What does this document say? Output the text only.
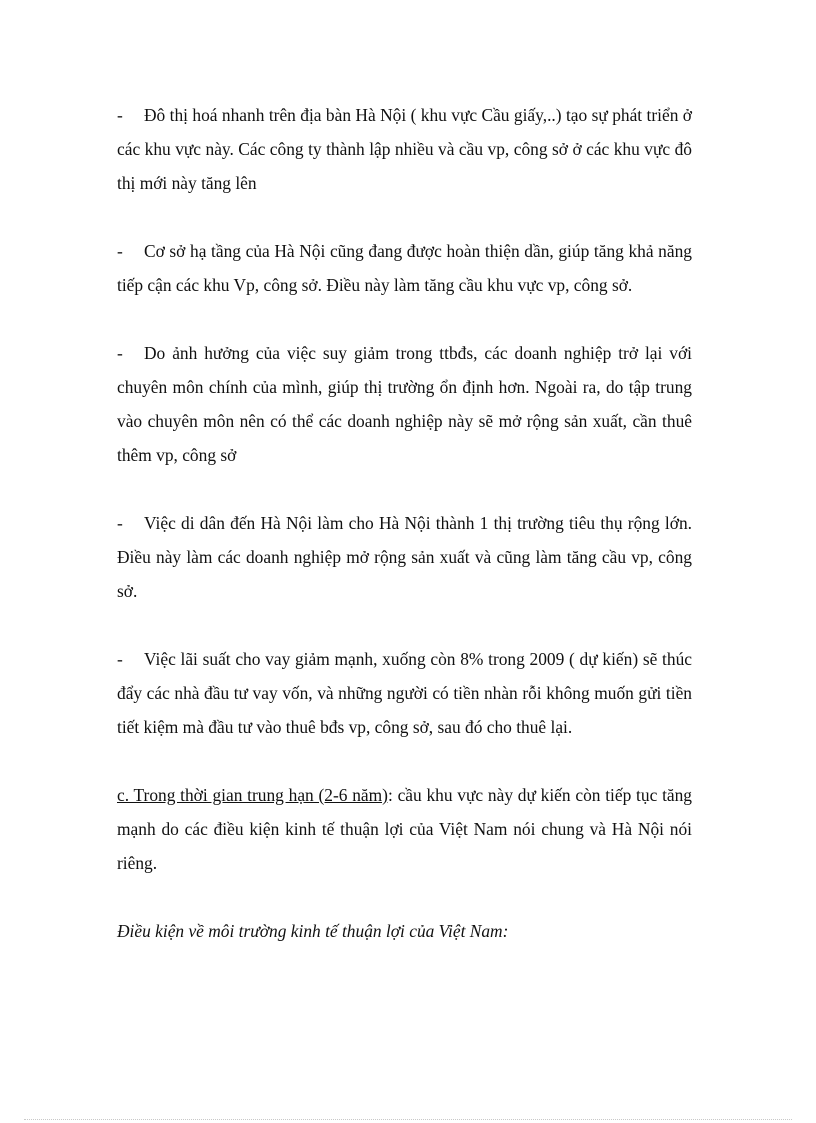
- Đô thị hoá nhanh trên địa bàn Hà Nội ( khu vực Cầu giấy,..) tạo sự phát triển ở các khu vực này. Các công ty thành lập nhiều và cầu vp, công sở ở các khu vực đô thị mới này tăng lên

- Cơ sở hạ tầng của Hà Nội cũng đang được hoàn thiện dần, giúp tăng khả năng tiếp cận các khu Vp, công sở. Điều này làm tăng cầu khu vực vp, công sở.

- Do ảnh hưởng của việc suy giảm trong ttbđs, các doanh nghiệp trở lại với chuyên môn chính của mình, giúp thị trường ổn định hơn. Ngoài ra, do tập trung vào chuyên môn nên có thể các doanh nghiệp này sẽ mở rộng sản xuất, cần thuê thêm vp, công sở

- Việc di dân đến Hà Nội làm cho Hà Nội thành 1 thị trường tiêu thụ rộng lớn. Điều này làm các doanh nghiệp mở rộng sản xuất và cũng làm tăng cầu vp, công sở.

- Việc lãi suất cho vay giảm mạnh, xuống còn 8% trong 2009 ( dự kiến) sẽ thúc đẩy các nhà đầu tư vay vốn, và những người có tiền nhàn rỗi không muốn gửi tiền tiết kiệm mà đầu tư vào thuê bđs vp, công sở, sau đó cho thuê lại.

c. Trong thời gian trung hạn (2-6 năm): cầu khu vực này dự kiến còn tiếp tục tăng mạnh do các điều kiện kinh tế thuận lợi của Việt Nam nói chung và Hà Nội nói riêng.

Điều kiện về môi trường kinh tế thuận lợi của Việt Nam:
